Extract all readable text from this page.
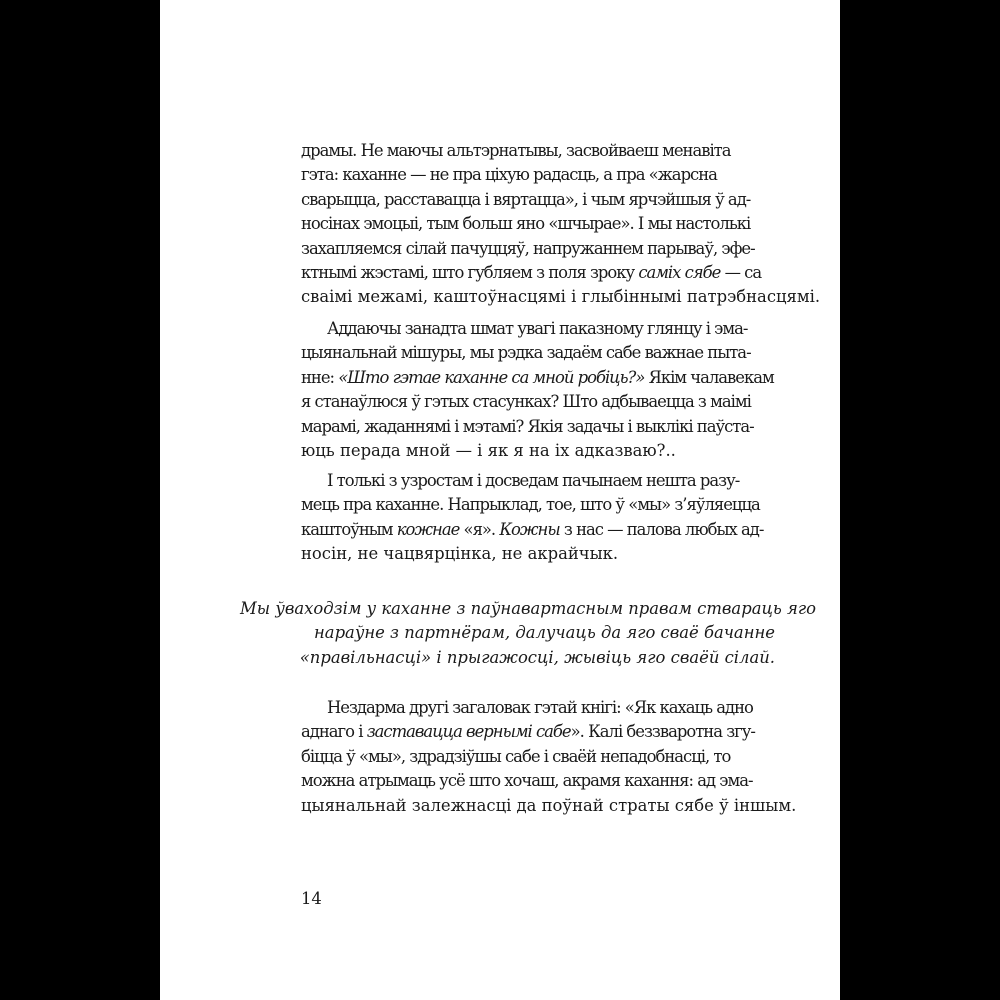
драмы. Не маючы альтэрнатывы, засвойваеш менавіта
гэта: каханне — не пра ціхую радасць, а пра «жарсна
сварыцца, расставацца і вяртацца», і чым ярчэйшыя ў ад-
носінах эмоцыі, тым больш яно «шчырае». І мы настолькі
захапляемся сілай пачуццяў, напружаннем парываў, эфе-
ктнымі жэстамі, што губляем з поля зроку самiх сябе — са
сваімі межамі, каштоўнасцямі і глыбіннымі патрэбнасцямі.
Аддаючы занадта шмат увагі паказному глянцу і эма-
цыянальнай мішуры, мы рэдка задаём сабе важнае пыта-
нне: «Што гэтае каханне са мной робіць?» Якім чалавекам
я станаўлюся ў гэтых стасунках? Што адбываецца з маімі
марамі, жаданнямі і мэтамі? Якія задачы і выклікі паўста-
юць перада мной — і як я на іх адказваю?..
І толькі з узростам і досведам пачынаем нешта разу-
мець пра каханне. Напрыклад, тое, што ў «мы» з’яўляецца
каштоўным кожнае «я». Кожны з нас — палова любых ад-
носін, не чацвярцінка, не акрайчык.
Мы ўваходзім у каханне з паўнавартасным правам ствараць яго
нараўне з партнёрам, далучаць да яго сваё бачанне
«правільнасці» і прыгажосці, жывіць яго сваёй сілай.
Нездарма другі загаловак гэтай кнігі: «Як кахаць адно
аднаго і заставацца вернымі сабе». Калі беззваротна згу-
біцца ў «мы», здрадзіўшы сабе і сваёй непадобнасці, то
можна атрымаць усё што хочаш, акрамя кахання: ад эма-
цыянальнай залежнасці да поўнай страты сябе ў іншым.
14
